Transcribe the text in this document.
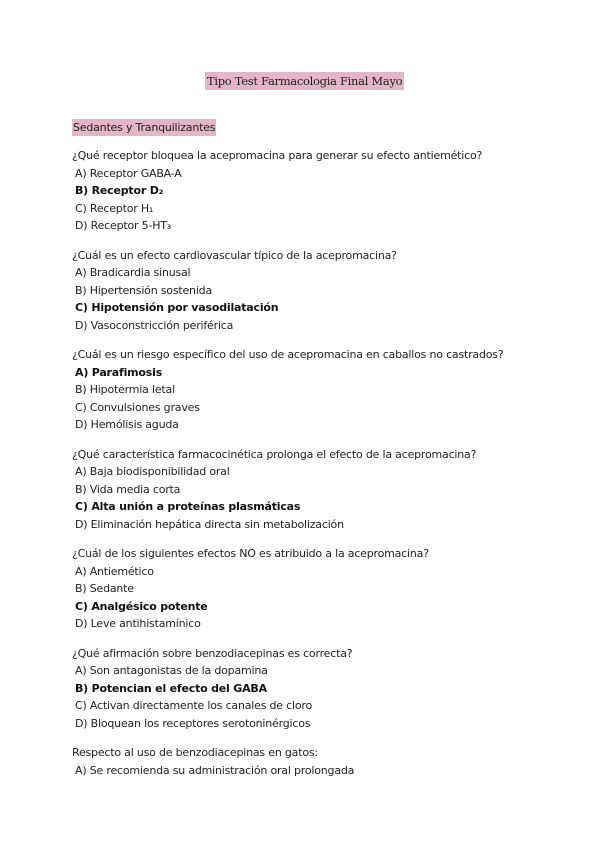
Tipo Test Farmacologia Final Mayo
Sedantes y Tranquilizantes
¿Qué receptor bloquea la acepromacina para generar su efecto antiemético?
A) Receptor GABA-A
B) Receptor D₂
C) Receptor H₁
D) Receptor 5-HT₃
¿Cuál es un efecto cardiovascular típico de la acepromacina?
A) Bradicardia sinusal
B) Hipertensión sostenida
C) Hipotensión por vasodilatación
D) Vasoconstricción periférica
¿Cuál es un riesgo específico del uso de acepromacina en caballos no castrados?
A) Parafimosis
B) Hipotermia letal
C) Convulsiones graves
D) Hemólisis aguda
¿Qué característica farmacocinética prolonga el efecto de la acepromacina?
A) Baja biodisponibilidad oral
B) Vida media corta
C) Alta unión a proteínas plasmáticas
D) Eliminación hepática directa sin metabolización
¿Cuál de los siguientes efectos NO es atribuido a la acepromacina?
A) Antiemético
B) Sedante
C) Analgésico potente
D) Leve antihistamínico
¿Qué afirmación sobre benzodiacepinas es correcta?
A) Son antagonistas de la dopamina
B) Potencian el efecto del GABA
C) Activan directamente los canales de cloro
D) Bloquean los receptores serotoninérgicos
Respecto al uso de benzodiacepinas en gatos:
A) Se recomienda su administración oral prolongada
